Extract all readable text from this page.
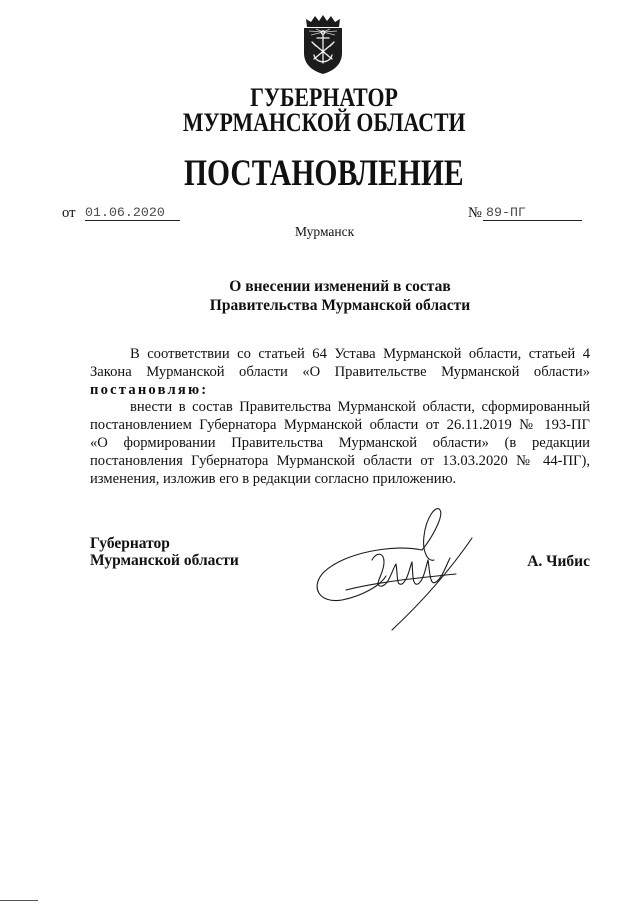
ГУБЕРНАТОР
МУРМАНСКОЙ ОБЛАСТИ
ПОСТАНОВЛЕНИЕ
от 01.06.2020	№ 89-ПГ
Мурманск
О внесении изменений в состав
Правительства Мурманской области
В соответствии со статьей 64 Устава Мурманской области, статьей 4
Закона Мурманской области «О Правительстве Мурманской области»
постановляю:
внести в состав Правительства Мурманской области, сформированный
постановлением Губернатора Мурманской области от 26.11.2019 № 193-ПГ
«О формировании Правительства Мурманской области» (в редакции
постановления Губернатора Мурманской области от 13.03.2020 № 44-ПГ),
изменения, изложив его в редакции согласно приложению.
Губернатор
Мурманской области	А. Чибис
